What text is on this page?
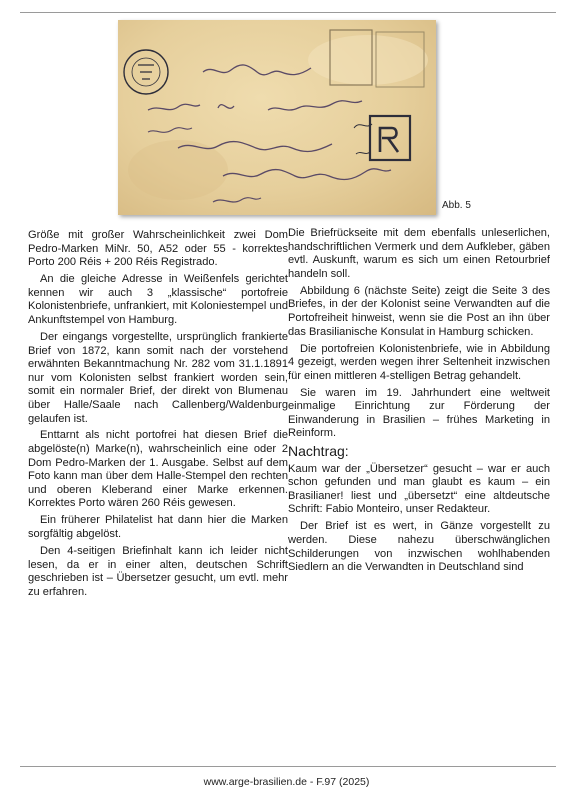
Abb. 5

Größe mit großer Wahrscheinlichkeit zwei Dom Pedro-Marken MiNr. 50, A52 oder 55 - korrektes Porto 200 Réis + 200 Réis Registrado.

An die gleiche Adresse in Weißenfels gerichtet kennen wir auch 3 „klassische“ portofreie Kolonistenbriefe, unfrankiert, mit Koloniestempel und Ankunftstempel von Hamburg.

Der eingangs vorgestellte, ursprünglich frankierte Brief von 1872, kann somit nach der vorstehend erwähnten Bekanntmachung Nr. 282 vom 31.1.1891 nur vom Kolonisten selbst frankiert worden sein, somit ein normaler Brief, der direkt von Blumenau über Halle/Saale nach Callenberg/Waldenburg gelaufen ist.

Enttarnt als nicht portofrei hat diesen Brief die abgelöste(n) Marke(n), wahrscheinlich eine oder 2 Dom Pedro-Marken der 1. Ausgabe. Selbst auf dem Foto kann man über dem Halle-Stempel den rechten und oberen Kleberand einer Marke erkennen. Korrektes Porto wären 260 Réis gewesen.

Ein früherer Philatelist hat dann hier die Marken sorgfältig abgelöst.

Den 4-seitigen Briefinhalt kann ich leider nicht lesen, da er in einer alten, deutschen Schrift geschrieben ist – Übersetzer gesucht, um evtl. mehr zu erfahren.

Die Briefrückseite mit dem ebenfalls unleserlichen, handschriftlichen Vermerk und dem Aufkleber, gäben evtl. Auskunft, warum es sich um einen Retourbrief handeln soll.

Abbildung 6 (nächste Seite) zeigt die Seite 3 des Briefes, in der der Kolonist seine Verwandten auf die Portofreiheit hinweist, wenn sie die Post an ihn über das Brasilianische Konsulat in Hamburg schicken.

Die portofreien Kolonistenbriefe, wie in Abbildung 4 gezeigt, werden wegen ihrer Seltenheit inzwischen für einen mittleren 4-stelligen Betrag gehandelt.

Sie waren im 19. Jahrhundert eine weltweit einmalige Einrichtung zur Förderung der Einwanderung in Brasilien – frühes Marketing in Reinform.

Nachtrag:

Kaum war der „Übersetzer“ gesucht – war er auch schon gefunden und man glaubt es kaum – ein Brasilianer! liest und „übersetzt“ eine altdeutsche Schrift: Fabio Monteiro, unser Redakteur.

Der Brief ist es wert, in Gänze vorgestellt zu werden. Diese nahezu überschwänglichen Schilderungen von inzwischen wohlhabenden Siedlern an die Verwandten in Deutschland sind

www.arge-brasilien.de - F.97 (2025)
